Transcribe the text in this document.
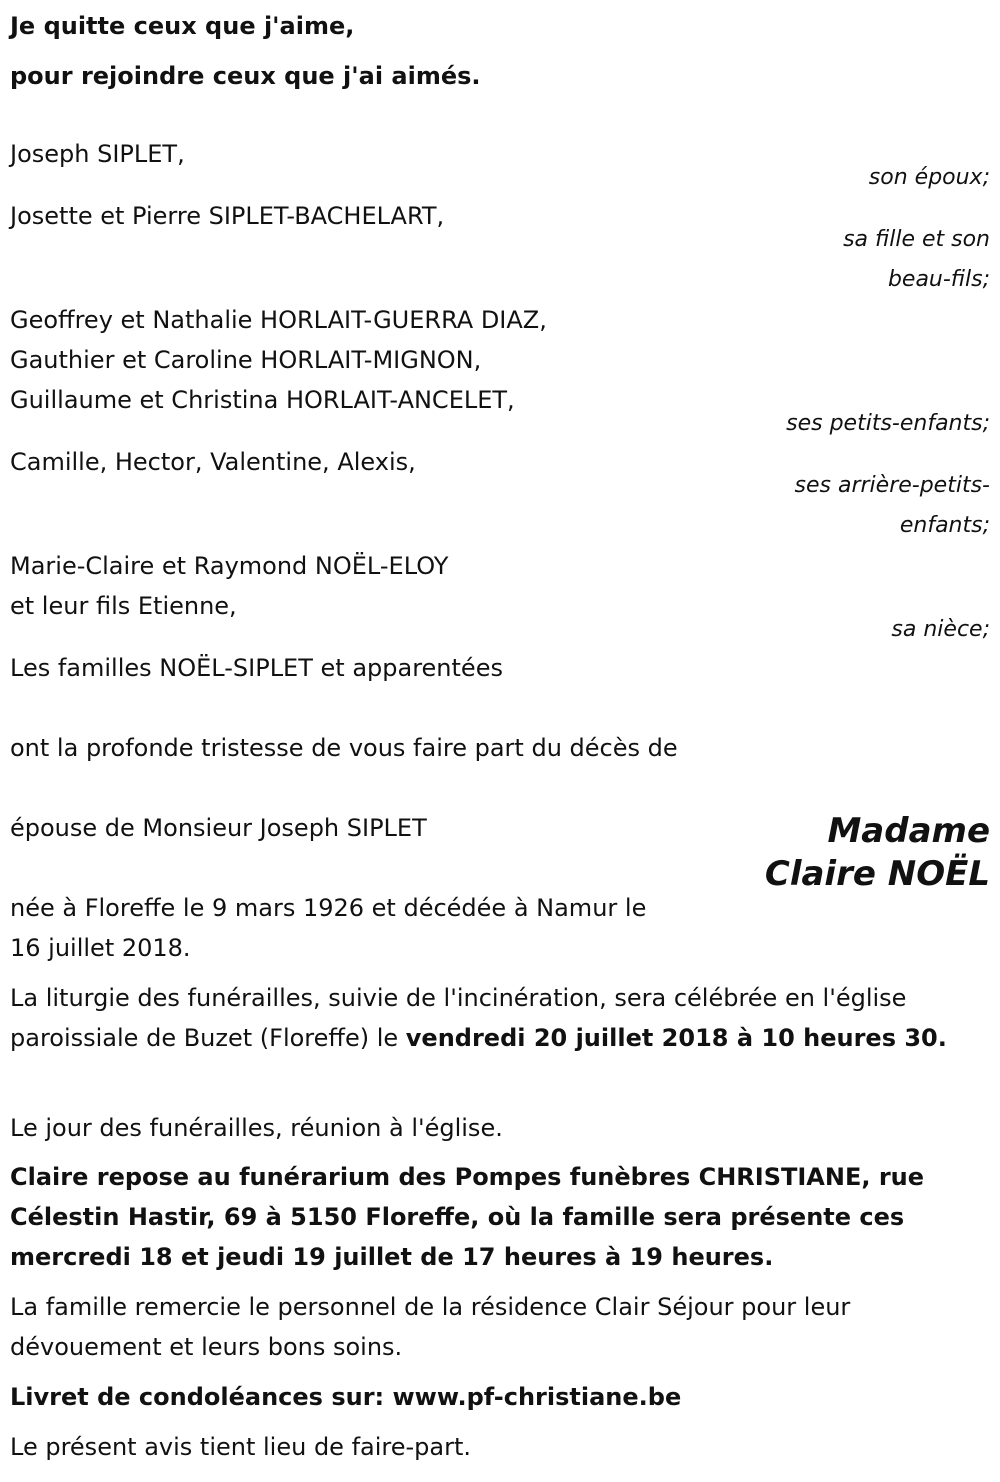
Je quitte ceux que j'aime,
pour rejoindre ceux que j'ai aimés.
Joseph SIPLET,
son époux;
Josette et Pierre SIPLET-BACHELART,
sa fille et son
beau-fils;
Geoffrey et Nathalie HORLAIT-GUERRA DIAZ,
Gauthier et Caroline HORLAIT-MIGNON,
Guillaume et Christina HORLAIT-ANCELET,
ses petits-enfants;
Camille, Hector, Valentine, Alexis,
ses arrière-petits-
enfants;
Marie-Claire et Raymond NOËL-ELOY
et leur fils Etienne,
sa nièce;
Les familles NOËL-SIPLET et apparentées
ont la profonde tristesse de vous faire part du décès de
épouse de Monsieur Joseph SIPLET	Madame
Claire NOËL
née à Floreffe le 9 mars 1926 et décédée à Namur le
16 juillet 2018.

La liturgie des funérailles, suivie de l'incinération, sera célébrée en l'église paroissiale de Buzet (Floreffe) le vendredi 20 juillet 2018 à 10 heures 30.

Le jour des funérailles, réunion à l'église.

Claire repose au funérarium des Pompes funèbres CHRISTIANE, rue Célestin Hastir, 69 à 5150 Floreffe, où la famille sera présente ces mercredi 18 et jeudi 19 juillet de 17 heures à 19 heures.

La famille remercie le personnel de la résidence Clair Séjour pour leur dévouement et leurs bons soins.

Livret de condoléances sur: www.pf-christiane.be

Le présent avis tient lieu de faire-part.
